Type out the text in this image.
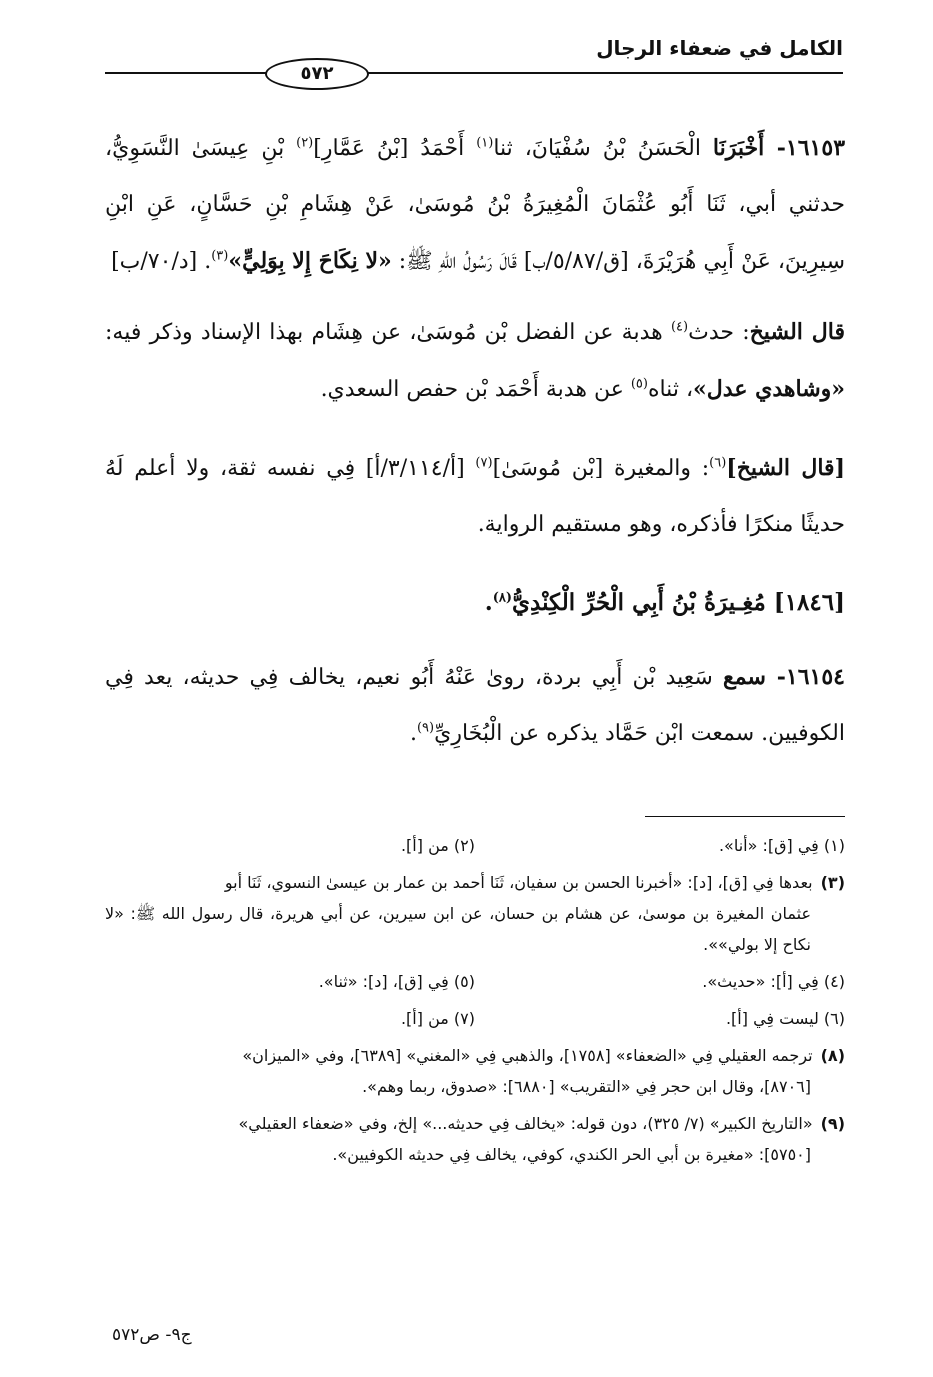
الكامل في ضعفاء الرجال
٥٧٢

١٦١٥٣- أَخْبَرَنَا الْحَسَنُ بْنُ سُفْيَانَ، ثنا$^{(١)}$ أَحْمَدُ [بْنُ عَمَّارِ]$^{(٢)}$ بْنِ عِيسَىٰ النَّسَوِيُّ، حدثني أبي، ثَنَا أَبُو عُثْمَانَ الْمُغِيرَةُ بْنُ مُوسَىٰ، عَنْ هِشَامِ بْنِ حَسَّانٍ، عَنِ ابْنِ سِيرِينَ، عَنْ أَبِي هُرَيْرَةَ، [ق/٥/٨٧/ب] قَالَ رَسُولُ اللهِ ﷺ: «لا نِكَاحَ إِلا بِوَلِيٍّ»$^{(٣)}$. [د/٧٠/ب]

قال الشيخ: حدث$^{(٤)}$ هدبة عن الفضل بْن مُوسَىٰ، عن هِشَام بهذا الإسناد وذكر فيه: «وشاهدي عدل»، ثناه$^{(٥)}$ عن هدبة أَحْمَد بْن حفص السعدي.

[قال الشيخ]$^{(٦)}$: والمغيرة [بْن مُوسَىٰ]$^{(٧)}$ [أ/٣/١١٤/أ] فِي نفسه ثقة، ولا أعلم لَهُ حديثًا منكرًا فأذكره، وهو مستقيم الرواية.

[١٨٤٦] مُغِـيرَةُ بْنُ أَبِي الْحُرِّ الْكِنْدِيُّ$^{(٨)}$.

١٦١٥٤- سمع سَعِيد بْن أَبِي بردة، روىٰ عَنْهُ أَبُو نعيم، يخالف فِي حديثه، يعد فِي الكوفيين. سمعت ابْن حَمَّاد يذكره عن الْبُخَارِيِّ$^{(٩)}$.

(١) فِي [ق]: «أنا».
(٢) من [أ].
(٣)بعدها فِي [ق]، [د]: «أخبرنا الحسن بن سفيان، ثَنَا أحمد بن عمار بن عيسىٰ النسوي، ثَنَا أبو
عثمان المغيرة بن موسىٰ، عن هشام بن حسان، عن ابن سيرين، عن أبي هريرة، قال رسول الله ﷺ: «لا نكاح إلا بولي»».
(٤) فِي [أ]: «حديث».
(٥) فِي [ق]، [د]: «ثنا».
(٦) ليست فِي [أ].
(٧) من [أ].
(٨)ترجمه العقيلي فِي «الضعفاء» [١٧٥٨]، والذهبي فِي «المغني» [٦٣٨٩]، وفي «الميزان»
[٨٧٠٦]، وقال ابن حجر فِي «التقريب» [٦٨٨٠]: «صدوق، ربما وهم».
(٩)«التاريخ الكبير» (٧/ ٣٢٥)، دون قوله: «يخالف فِي حديثه...» إلخ، وفي «ضعفاء العقيلي»
[٥٧٥٠]: «مغيرة بن أبي الحر الكندي، كوفي، يخالف فِي حديثه الكوفيين».
ج٩- ص٥٧٢
